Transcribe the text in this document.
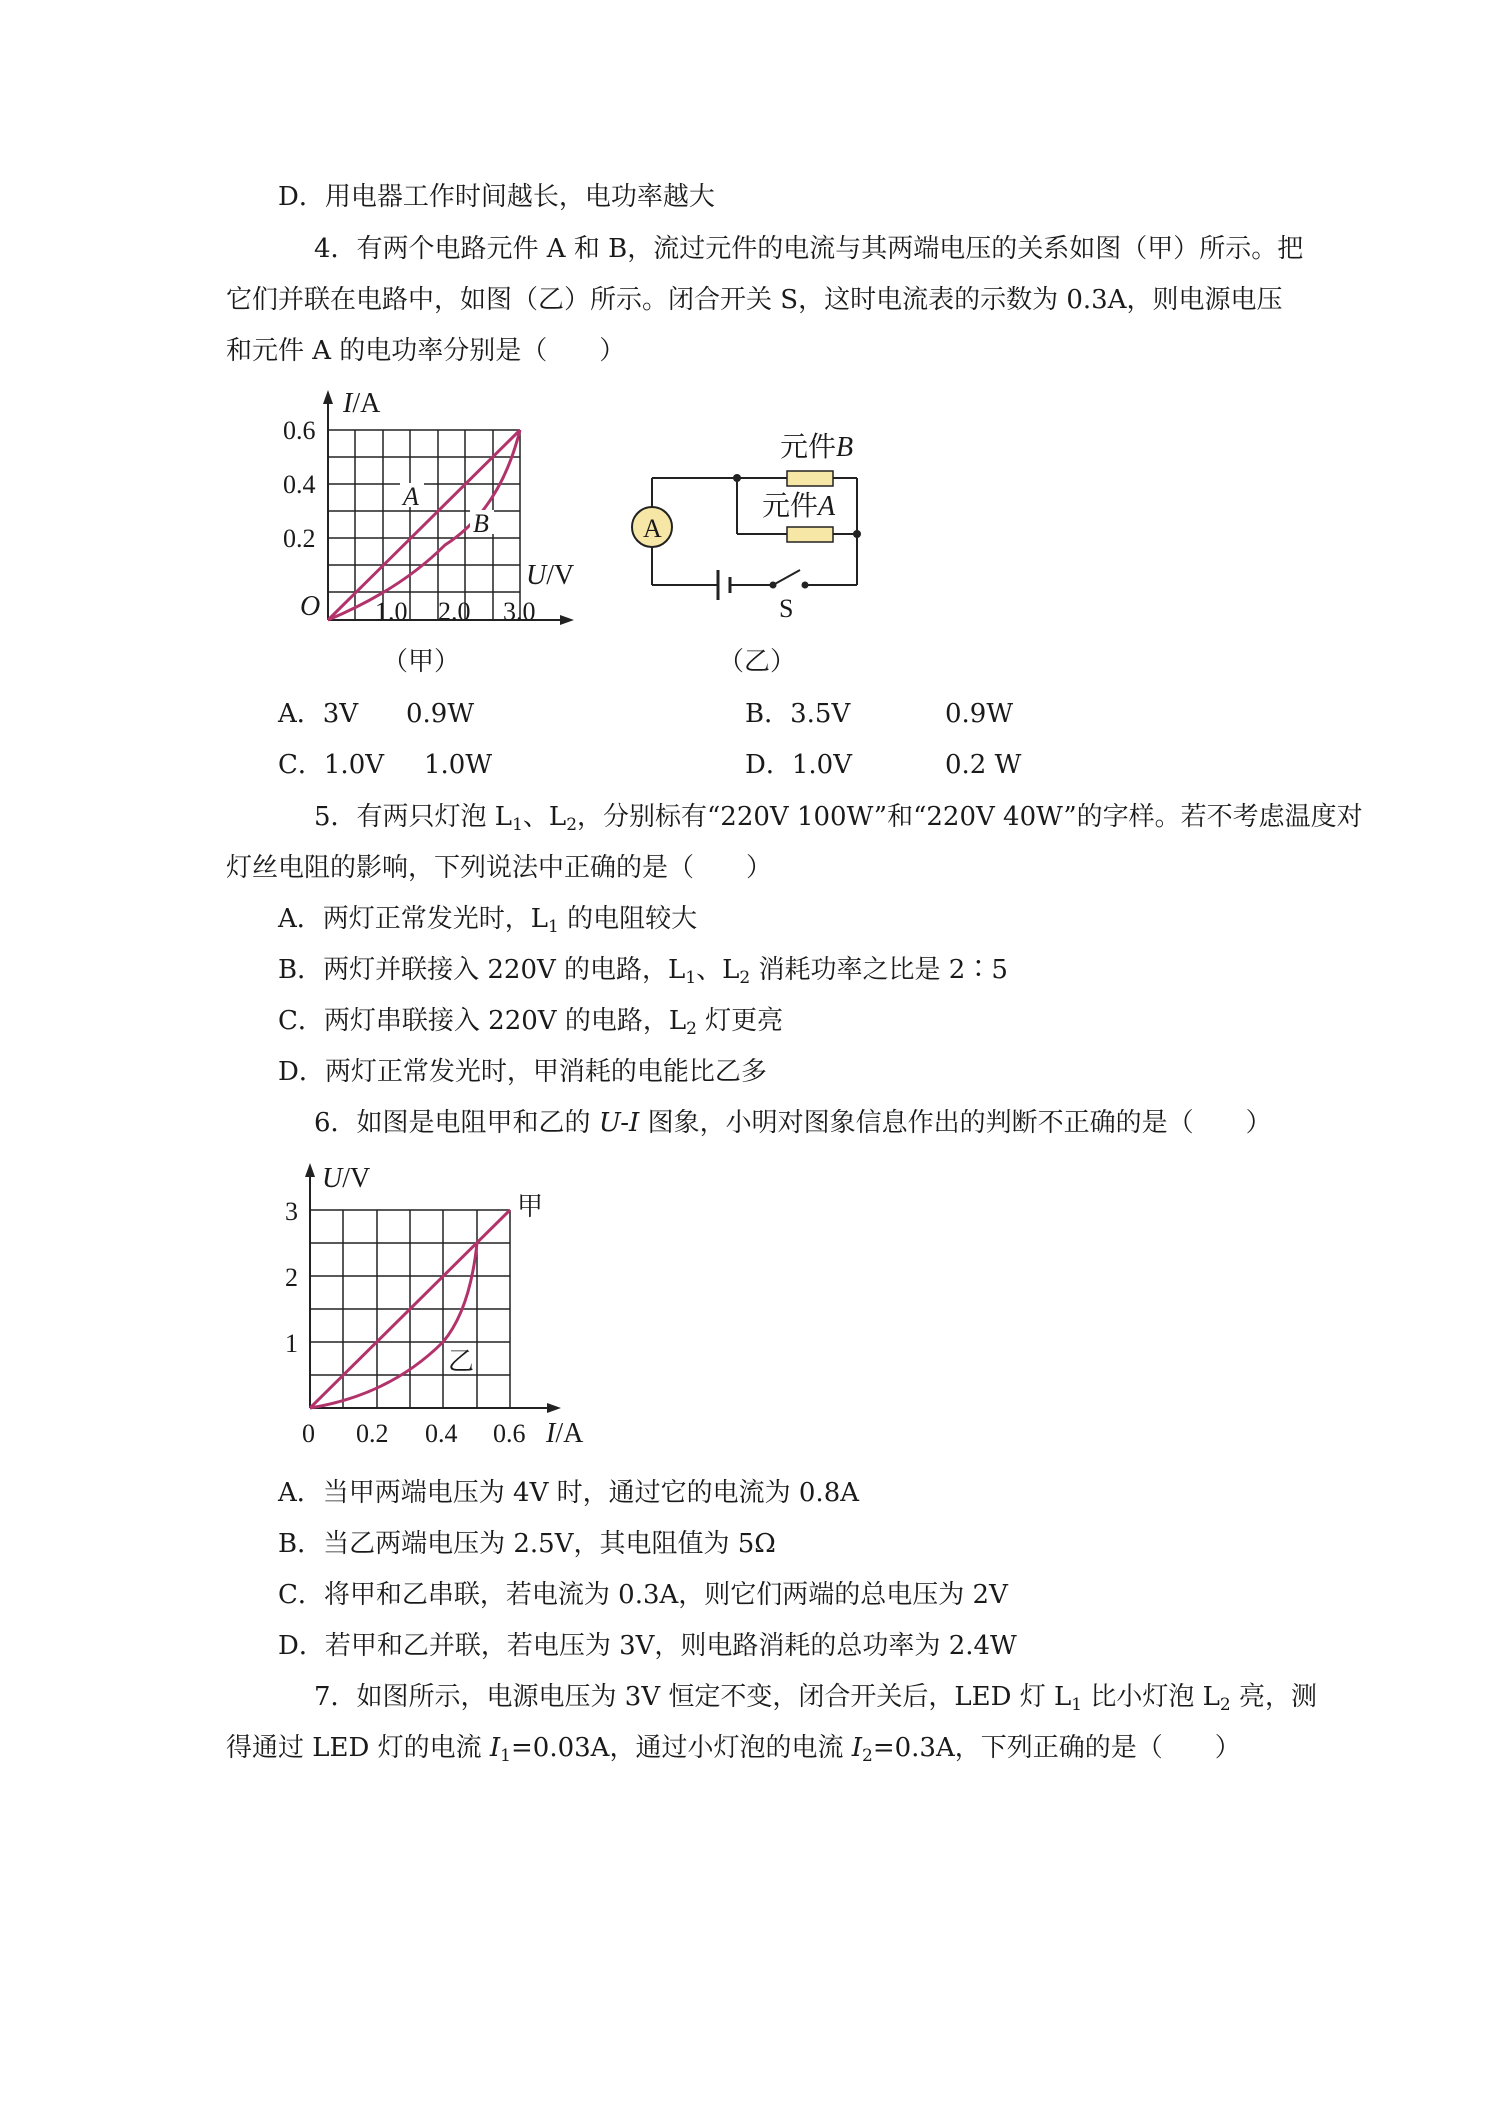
D．用电器工作时间越长，电功率越大
4．有两个电路元件 A 和 B，流过元件的电流与其两端电压的关系如图（甲）所示。把
它们并联在电路中，如图（乙）所示。闭合开关 S，这时电流表的示数为 0.3A，则电源电压
和元件 A 的电功率分别是（　　）
I/A
U/V
O
0.6
0.4
0.2
1.0 2.0 3.0
A
B
（甲）
A
元件B
元件A
S
（乙）
A．3V 0.9W	B．3.5V	0.9W
C．1.0V 1.0W	D．1.0V	0.2 W
5．有两只灯泡 $L_1$、$L_2$，分别标有“220V 100W”和“220V 40W”的字样。若不考虑温度对
灯丝电阻的影响，下列说法中正确的是（　　）
A．两灯正常发光时，$L_1$ 的电阻较大
B．两灯并联接入 220V 的电路，$L_1$、$L_2$ 消耗功率之比是 2∶5
C．两灯串联接入 220V 的电路，$L_2$ 灯更亮
D．两灯正常发光时，甲消耗的电能比乙多
6．如图是电阻甲和乙的 U-I 图象，小明对图象信息作出的判断不正确的是（　　）
U/V
I/A
3
2
1
0 0.2 0.4 0.6
甲
乙
A．当甲两端电压为 4V 时，通过它的电流为 0.8A
B．当乙两端电压为 2.5V，其电阻值为 5Ω
C．将甲和乙串联，若电流为 0.3A，则它们两端的总电压为 2V
D．若甲和乙并联，若电压为 3V，则电路消耗的总功率为 2.4W
7．如图所示，电源电压为 3V 恒定不变，闭合开关后，LED 灯 $L_1$ 比小灯泡 $L_2$ 亮，测
得通过 LED 灯的电流 $I_1=0.03A$，通过小灯泡的电流 $I_2=0.3A$，下列正确的是（　　）
